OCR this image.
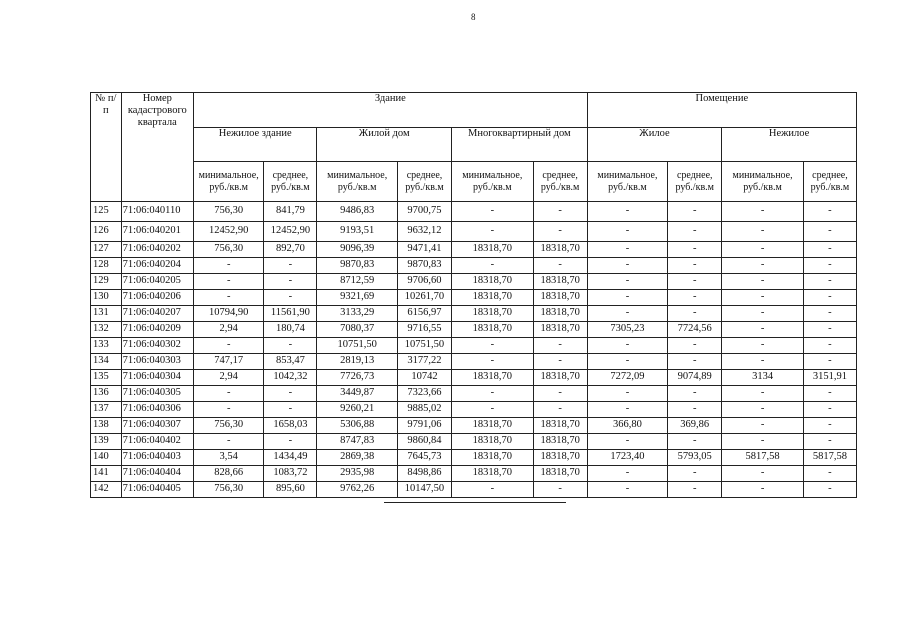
8
№ п/п	Номер кадастрового квартала	Здание						Помещение			
		Нежилое здание		Жилой дом		Многоквартирный дом		Жилое		Нежилое	
		минимальное, руб./кв.м	среднее, руб./кв.м	минимальное, руб./кв.м	среднее, руб./кв.м	минимальное, руб./кв.м	среднее, руб./кв.м	минимальное, руб./кв.м	среднее, руб./кв.м	минимальное, руб./кв.м	среднее, руб./кв.м
125	71:06:040110	756,30	841,79	9486,83	9700,75	-	-	-	-	-	-
126	71:06:040201	12452,90	12452,90	9193,51	9632,12	-	-	-	-	-	-
127	71:06:040202	756,30	892,70	9096,39	9471,41	18318,70	18318,70	-	-	-	-
128	71:06:040204	-	-	9870,83	9870,83	-	-	-	-	-	-
129	71:06:040205	-	-	8712,59	9706,60	18318,70	18318,70	-	-	-	-
130	71:06:040206	-	-	9321,69	10261,70	18318,70	18318,70	-	-	-	-
131	71:06:040207	10794,90	11561,90	3133,29	6156,97	18318,70	18318,70	-	-	-	-
132	71:06:040209	2,94	180,74	7080,37	9716,55	18318,70	18318,70	7305,23	7724,56	-	-
133	71:06:040302	-	-	10751,50	10751,50	-	-	-	-	-	-
134	71:06:040303	747,17	853,47	2819,13	3177,22	-	-	-	-	-	-
135	71:06:040304	2,94	1042,32	7726,73	10742	18318,70	18318,70	7272,09	9074,89	3134	3151,91
136	71:06:040305	-	-	3449,87	7323,66	-	-	-	-	-	-
137	71:06:040306	-	-	9260,21	9885,02	-	-	-	-	-	-
138	71:06:040307	756,30	1658,03	5306,88	9791,06	18318,70	18318,70	366,80	369,86	-	-
139	71:06:040402	-	-	8747,83	9860,84	18318,70	18318,70	-	-	-	-
140	71:06:040403	3,54	1434,49	2869,38	7645,73	18318,70	18318,70	1723,40	5793,05	5817,58	5817,58
141	71:06:040404	828,66	1083,72	2935,98	8498,86	18318,70	18318,70	-	-	-	-
142	71:06:040405	756,30	895,60	9762,26	10147,50	-	-	-	-	-	-
